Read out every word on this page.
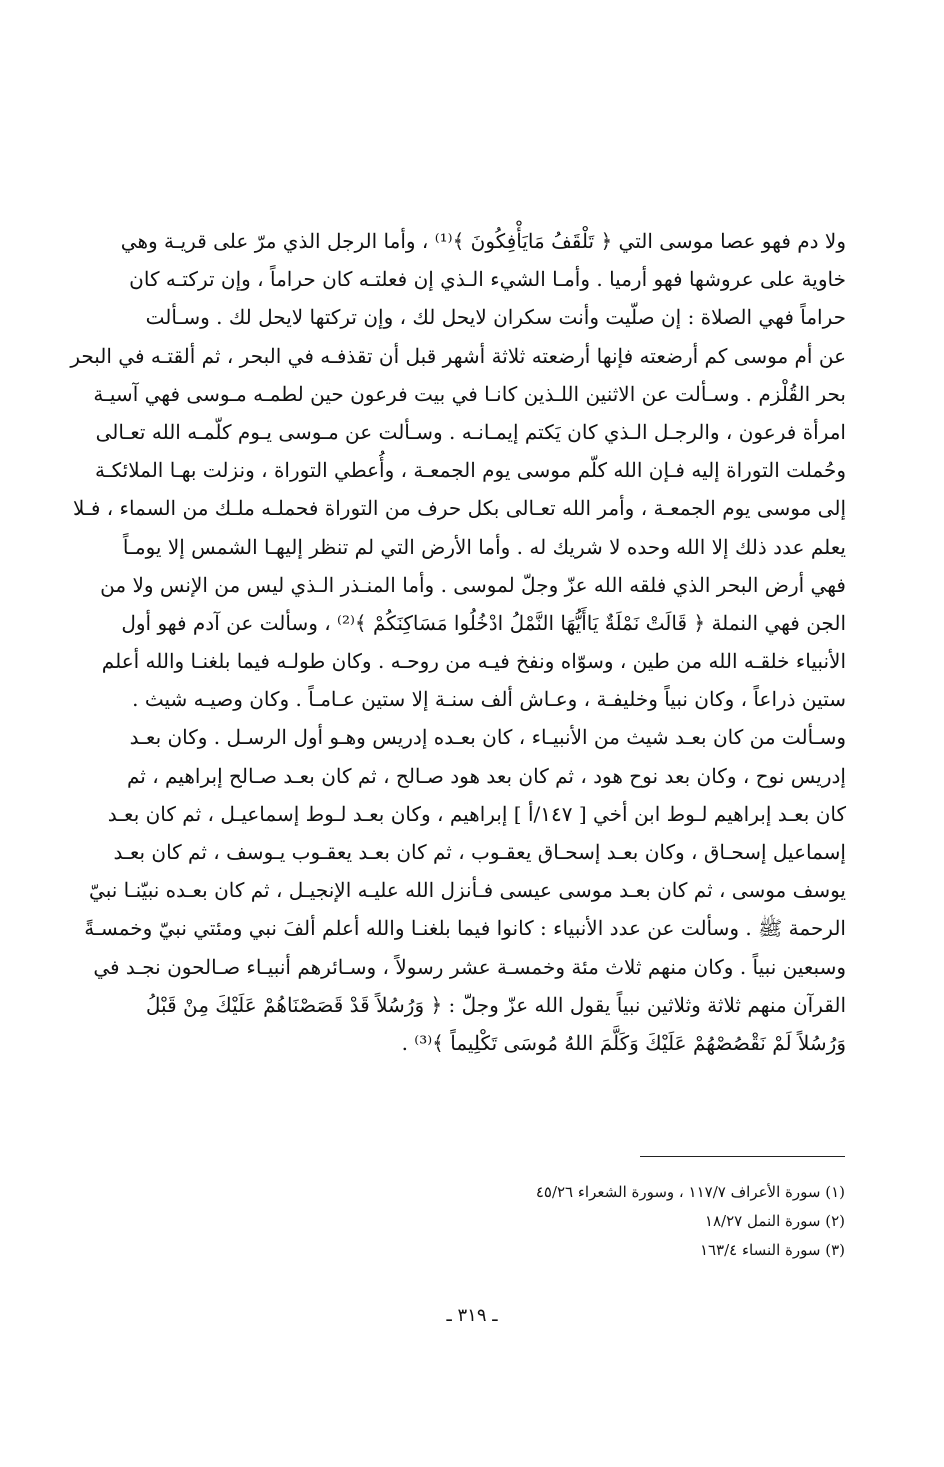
ولا دم فهو عصا موسى التي ﴿ تَلْقَفُ مَايَأْفِكُونَ ﴾⁽¹⁾ ، وأما الرجل الذي مرّ على قريـة وهي
خاوية على عروشها فهو أرميا . وأمـا الشيء الـذي إن فعلتـه كان حراماً ، وإن تركتـه كان
حراماً فهي الصلاة : إن صلّيت وأنت سكران لايحل لك ، وإن تركتها لايحل لك . وسـألت
عن أم موسى كم أرضعته فإنها أرضعته ثلاثة أشهر قبل أن تقذفـه في البحر ، ثم ألقتـه في البحر
بحر القُلْزم . وسـألت عن الاثنين اللـذين كانـا في بيت فرعون حين لطمـه مـوسى فهي آسيـة
امرأة فرعون ، والرجـل الـذي كان يَكتم إيمـانـه . وسـألت عن مـوسى يـوم كلّمـه الله تعـالى
وحُملت التوراة إليه فـإن الله كلّم موسى يوم الجمعـة ، وأُعطي التوراة ، ونزلت بهـا الملائكـة
إلى موسى يوم الجمعـة ، وأمر الله تعـالى بكل حرف من التوراة فحملـه ملـك من السماء ، فـلا
يعلم عدد ذلك إلا الله وحده لا شريك له . وأما الأرض التي لم تنظر إليهـا الشمس إلا يومـاً
فهي أرض البحر الذي فلقه الله عزّ وجلّ لموسى . وأما المنـذر الـذي ليس من الإنس ولا من
الجن فهي النملة ﴿ قَالَتْ نَمْلَةٌ يَاأَيُّهَا النَّمْلُ ادْخُلُوا مَسَاكِنَكُمْ ﴾⁽²⁾ ، وسألت عن آدم فهو أول
الأنبياء خلقـه الله من طين ، وسوّاه ونفخ فيـه من روحـه . وكان طولـه فيما بلغنـا والله أعلم
ستين ذراعاً ، وكان نبياً وخليفـة ، وعـاش ألف سنـة إلا ستين عـامـاً . وكان وصيـه شيث .
وسـألت من كان بعـد شيث من الأنبيـاء ، كان بعـده إدريس وهـو أول الرسـل . وكان بعـد
إدريس نوح ، وكان بعد نوح هود ، ثم كان بعد هود صـالح ، ثم كان بعـد صـالح إبراهيم ، ثم
كان بعـد إبراهيم لـوط ابن أخي [ ١٤٧/أ ] إبراهيم ، وكان بعـد لـوط إسماعيـل ، ثم كان بعـد
إسماعيل إسحـاق ، وكان بعـد إسحـاق يعقـوب ، ثم كان بعـد يعقـوب يـوسف ، ثم كان بعـد
يوسف موسى ، ثم كان بعـد موسى عيسى فـأنزل الله عليـه الإنجيـل ، ثم كان بعـده نبيّنـا نبيّ
الرحمة ﷺ . وسألت عن عدد الأنبياء : كانوا فيما بلغنـا والله أعلم ألفَ نبي ومئتي نبيّ وخمسـةً
وسبعين نبياً . وكان منهم ثلاث مئة وخمسـة عشر رسولاً ، وسـائرهم أنبيـاء صـالحون نجـد في
القرآن منهم ثلاثة وثلاثين نبياً يقول الله عزّ وجلّ : ﴿ وَرُسُلاً قَدْ قَصَصْنَاهُمْ عَلَيْكَ مِنْ قَبْلُ
وَرُسُلاً لَمْ نَقْصُصْهُمْ عَلَيْكَ وَكَلَّمَ اللهُ مُوسَى تَكْلِيماً ﴾⁽³⁾ .
(١) سورة الأعراف ١١٧/٧ ، وسورة الشعراء ٤٥/٢٦
(٢) سورة النمل ١٨/٢٧
(٣) سورة النساء ١٦٣/٤
ـ ٣١٩ ـ
